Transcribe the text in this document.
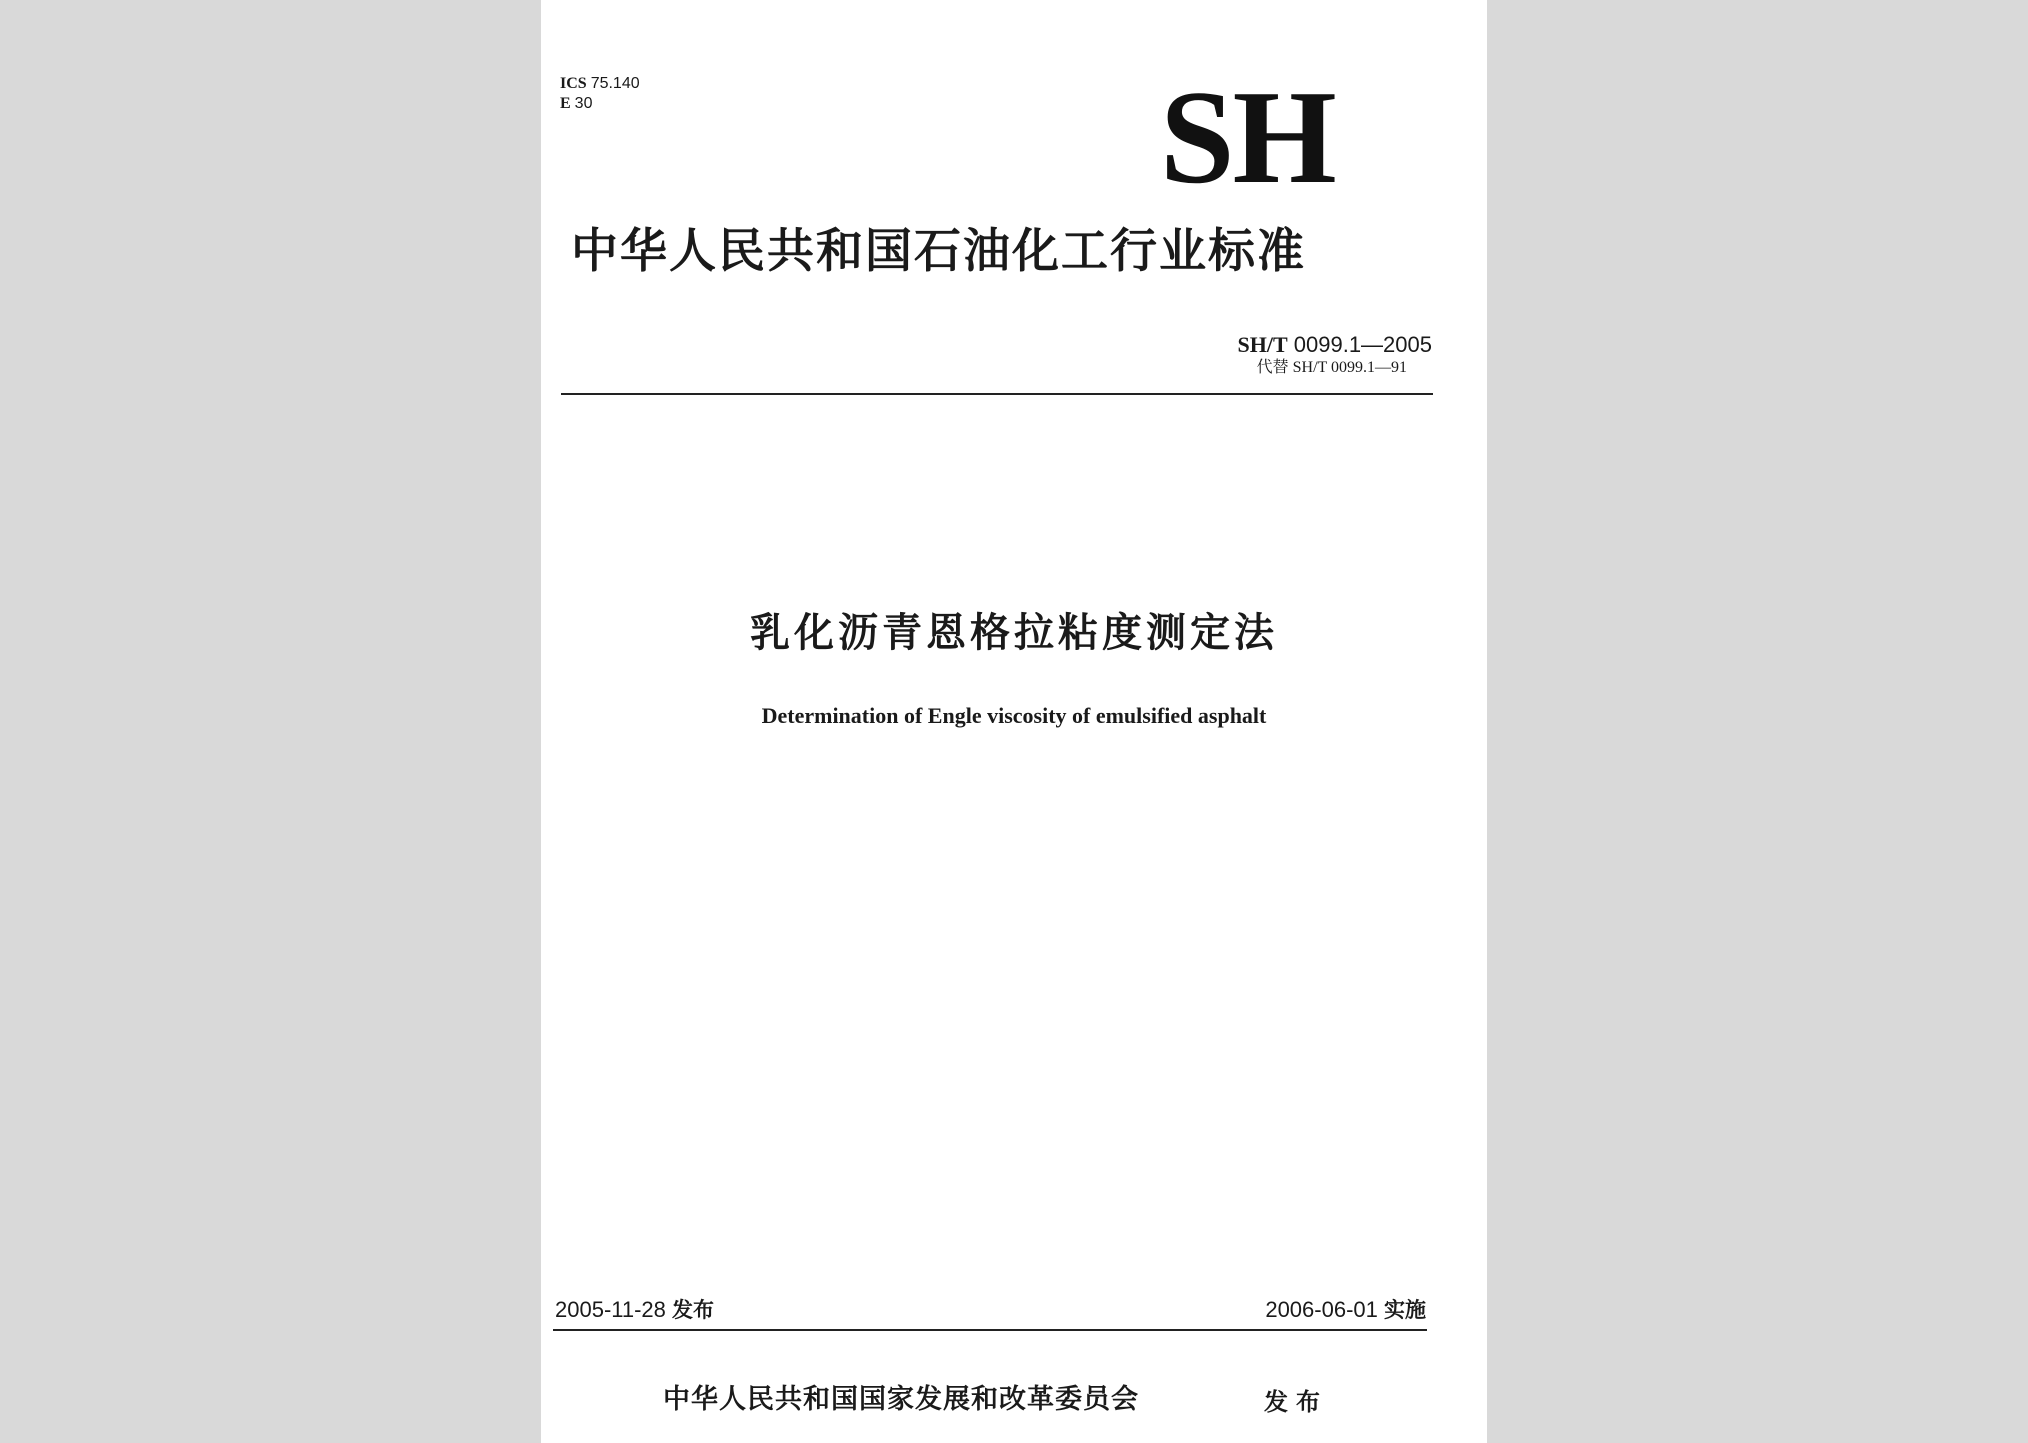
ICS 75.140
E 30	SH
中华人民共和国石油化工行业标准
SH/T 0099.1—2005
代替 SH/T 0099.1—91
乳化沥青恩格拉粘度测定法
Determination of Engle viscosity of emulsified asphalt
2005-11-28 发布	2006-06-01 实施
中华人民共和国国家发展和改革委员会	发布
